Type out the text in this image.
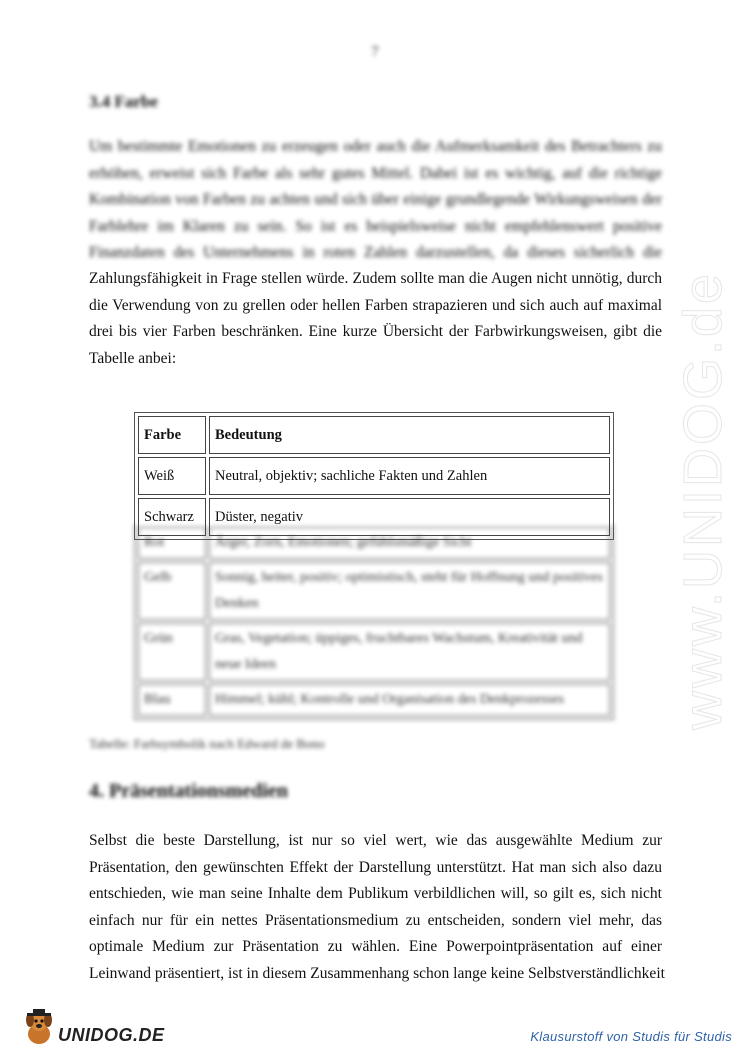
7
3.4 Farbe
Um bestimmte Emotionen zu erzeugen oder auch die Aufmerksamkeit des Betrachters zu
erhöhen, erweist sich Farbe als sehr gutes Mittel. Dabei ist es wichtig, auf die richtige
Kombination von Farben zu achten und sich über einige grundlegende Wirkungsweisen der
Farblehre im Klaren zu sein. So ist es beispielsweise nicht empfehlenswert positive
Finanzdaten des Unternehmens in roten Zahlen darzustellen, da dieses sicherlich die
Zahlungsfähigkeit in Frage stellen würde. Zudem sollte man die Augen nicht unnötig, durch
die Verwendung von zu grellen oder hellen Farben strapazieren und sich auch auf maximal
drei bis vier Farben beschränken. Eine kurze Übersicht der Farbwirkungsweisen, gibt die
Tabelle anbei:
Farbe	Bedeutung
Weiß	Neutral, objektiv; sachliche Fakten und Zahlen
Schwarz	Düster, negativ
Rot	Ärger, Zorn, Emotionen; gefühlsmäßige Sicht
Gelb	Sonnig, heiter, positiv; optimistisch, steht für Hoffnung und positives Denken
Grün	Gras, Vegetation; üppiges, fruchtbares Wachstum, Kreativität und neue Ideen
Blau	Himmel; kühl; Kontrolle und Organisation des Denkprozesses
Tabelle: Farbsymbolik nach Edward de Bono
4. Präsentationsmedien
Selbst die beste Darstellung, ist nur so viel wert, wie das ausgewählte Medium zur
Präsentation, den gewünschten Effekt der Darstellung unterstützt. Hat man sich also dazu
entschieden, wie man seine Inhalte dem Publikum verbildlichen will, so gilt es, sich nicht
einfach nur für ein nettes Präsentationsmedium zu entscheiden, sondern viel mehr, das
optimale Medium zur Präsentation zu wählen. Eine Powerpointpräsentation auf einer
Leinwand präsentiert, ist in diesem Zusammenhang schon lange keine Selbstverständlichkeit
www.UNIDOG.de
UNIDOG.DE	Klausurstoff von Studis für Studis
